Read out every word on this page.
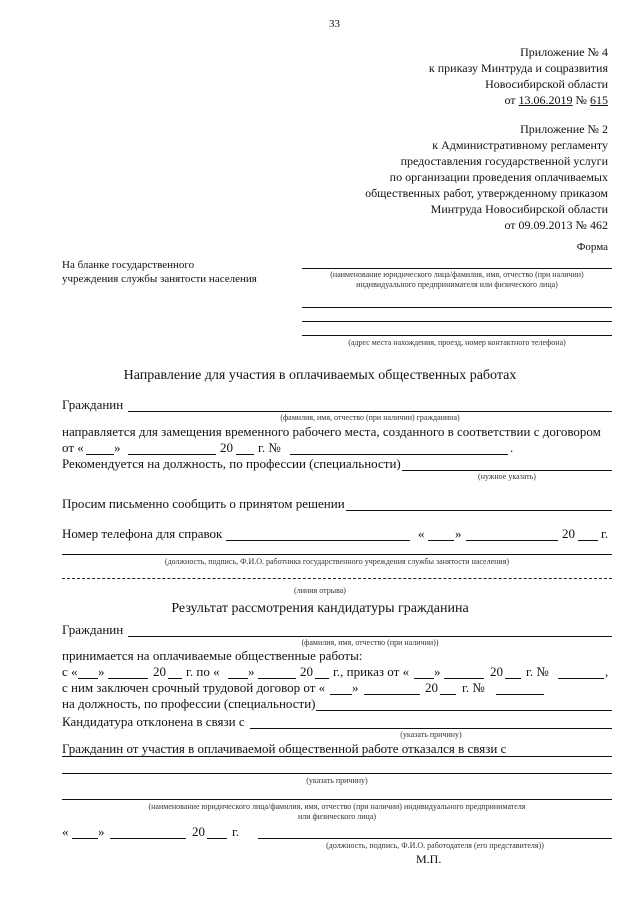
33
Приложение № 4
к приказу Минтруда и соцразвития
Новосибирской области
от 13.06.2019 № 615
Приложение № 2
к Административному регламенту
предоставления государственной услуги
по организации проведения оплачиваемых
общественных работ, утвержденному приказом
Минтруда Новосибирской области
от 09.09.2013 № 462
Форма
На бланке государственного
учреждения службы занятости населения	(наименование юридического лица/фамилия, имя, отчество (при наличии) индивидуального предпринимателя или физического лица)
(адрес места нахождения, проезд, номер контактного телефона)
Направление для участия в оплачиваемых общественных работах
Гражданин
(фамилия, имя, отчество (при наличии) гражданина)
направляется для замещения временного рабочего места, созданного в соответствии с договором
от « »	20 г. №	.
Рекомендуется на должность, по профессии (специальности)
(нужное указать)
Просим письменно сообщить о принятом решении
Номер телефона для справок	« »	20 г.
(должность, подпись, Ф.И.О. работника государственного учреждения службы занятости населения)
(линия отрыва)
Результат рассмотрения кандидатуры гражданина
Гражданин
(фамилия, имя, отчество (при наличии))
принимается на оплачиваемые общественные работы:
с « »	20 г. по « »	20 г., приказ от « »	20 г. №	,
с ним заключен срочный трудовой договор от « »	20 г. №
на должность, по профессии (специальности)
Кандидатура отклонена в связи с
(указать причину)
Гражданин от участия в оплачиваемой общественной работе отказался в связи с
(указать причину)
(наименование юридического лица/фамилия, имя, отчество (при наличии) индивидуального предпринимателя
или физического лица)
« »	20 г.
(должность, подпись, Ф.И.О. работодателя (его представителя))
М.П.
